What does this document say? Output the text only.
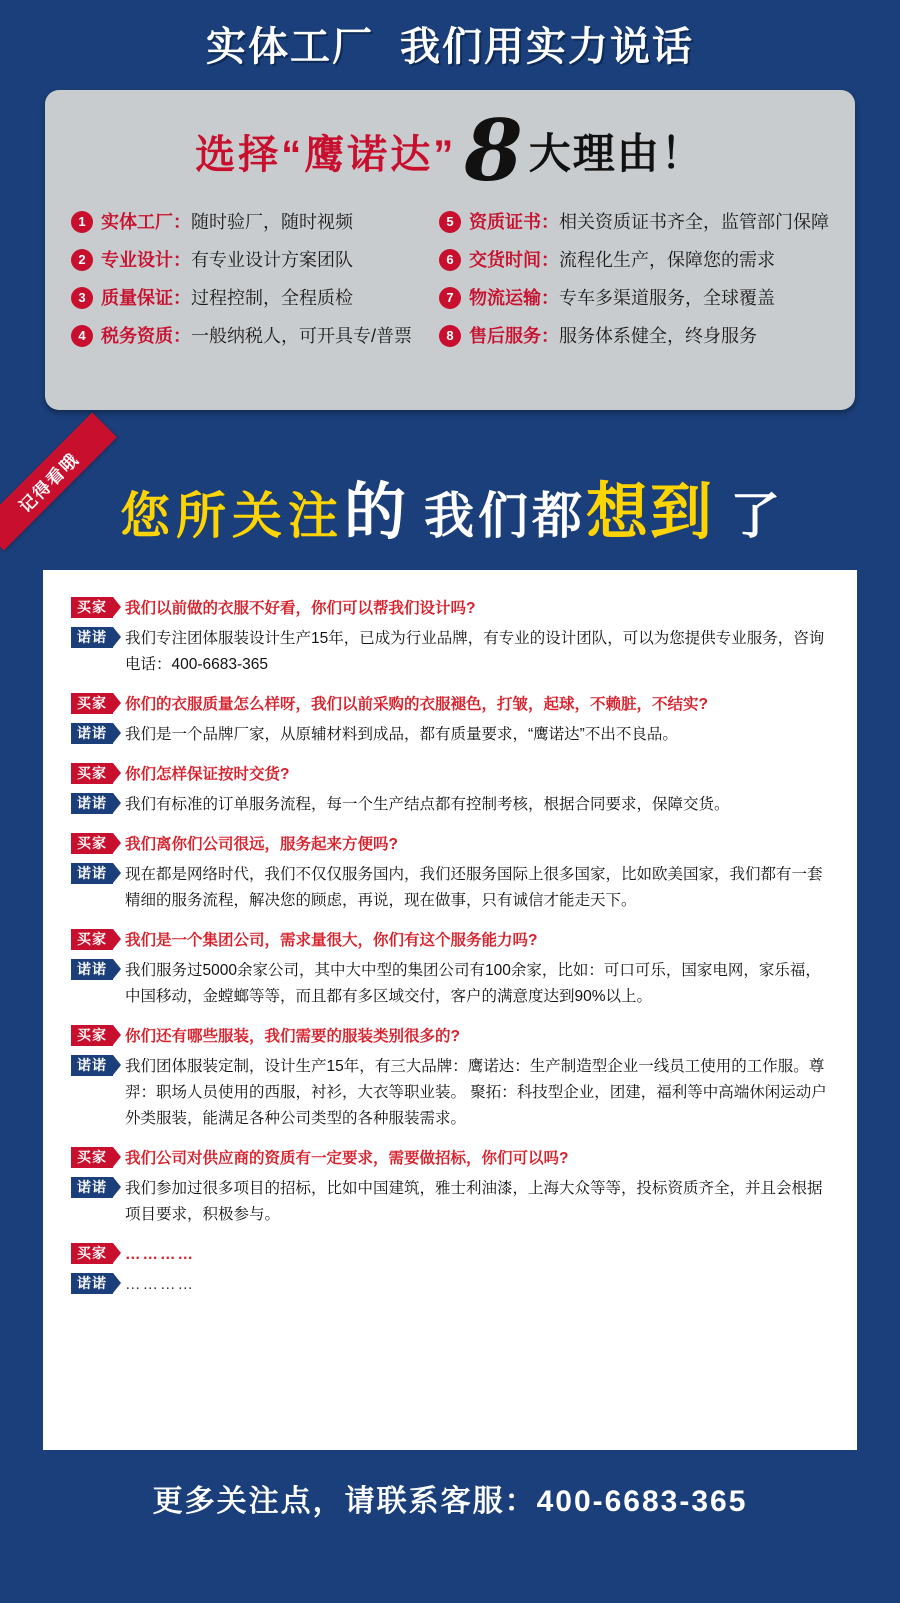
实体工厂 我们用实力说话
选择“鹰诺达” 8 大理由！
1 实体工厂： 随时验厂，随时视频	5 资质证书： 相关资质证书齐全，监管部门保障
2 专业设计： 有专业设计方案团队	6 交货时间： 流程化生产，保障您的需求
3 质量保证： 过程控制，全程质检	7 物流运输： 专车多渠道服务，全球覆盖
4 税务资质： 一般纳税人，可开具专/普票	8 售后服务： 服务体系健全，终身服务
记得看哦 您所关注的 我们都想到 了
买家	我们以前做的衣服不好看，你们可以帮我们设计吗?
诺诺	我们专注团体服装设计生产15年，已成为行业品牌，有专业的设计团队，可以为您提供专业服务，咨询电话：400-6683-365
买家	你们的衣服质量怎么样呀，我们以前采购的衣服褪色，打皱，起球，不赖脏，不结实?
诺诺	我们是一个品牌厂家，从原辅材料到成品，都有质量要求，“鹰诺达”不出不良品。
买家	你们怎样保证按时交货?
诺诺	我们有标准的订单服务流程，每一个生产结点都有控制考核，根据合同要求，保障交货。
买家	我们离你们公司很远，服务起来方便吗?
诺诺	现在都是网络时代，我们不仅仅服务国内，我们还服务国际上很多国家，比如欧美国家，我们都有一套精细的服务流程，解决您的顾虑，再说，现在做事，只有诚信才能走天下。
买家	我们是一个集团公司，需求量很大，你们有这个服务能力吗?
诺诺	我们服务过5000余家公司，其中大中型的集团公司有100余家，比如：可口可乐，国家电网，家乐福，中国移动，金螳螂等等，而且都有多区域交付，客户的满意度达到90%以上。
买家	你们还有哪些服装，我们需要的服装类别很多的?
诺诺	我们团体服装定制，设计生产15年，有三大品牌：鹰诺达：生产制造型企业一线员工使用的工作服。尊羿：职场人员使用的西服，衬衫，大衣等职业装。 聚拓：科技型企业，团建，福利等中高端休闲运动户外类服装，能满足各种公司类型的各种服装需求。
买家	我们公司对供应商的资质有一定要求，需要做招标，你们可以吗?
诺诺	我们参加过很多项目的招标，比如中国建筑，雅士利油漆，上海大众等等，投标资质齐全，并且会根据项目要求，积极参与。
买家	…………
诺诺	…………
更多关注点，请联系客服：400-6683-365
